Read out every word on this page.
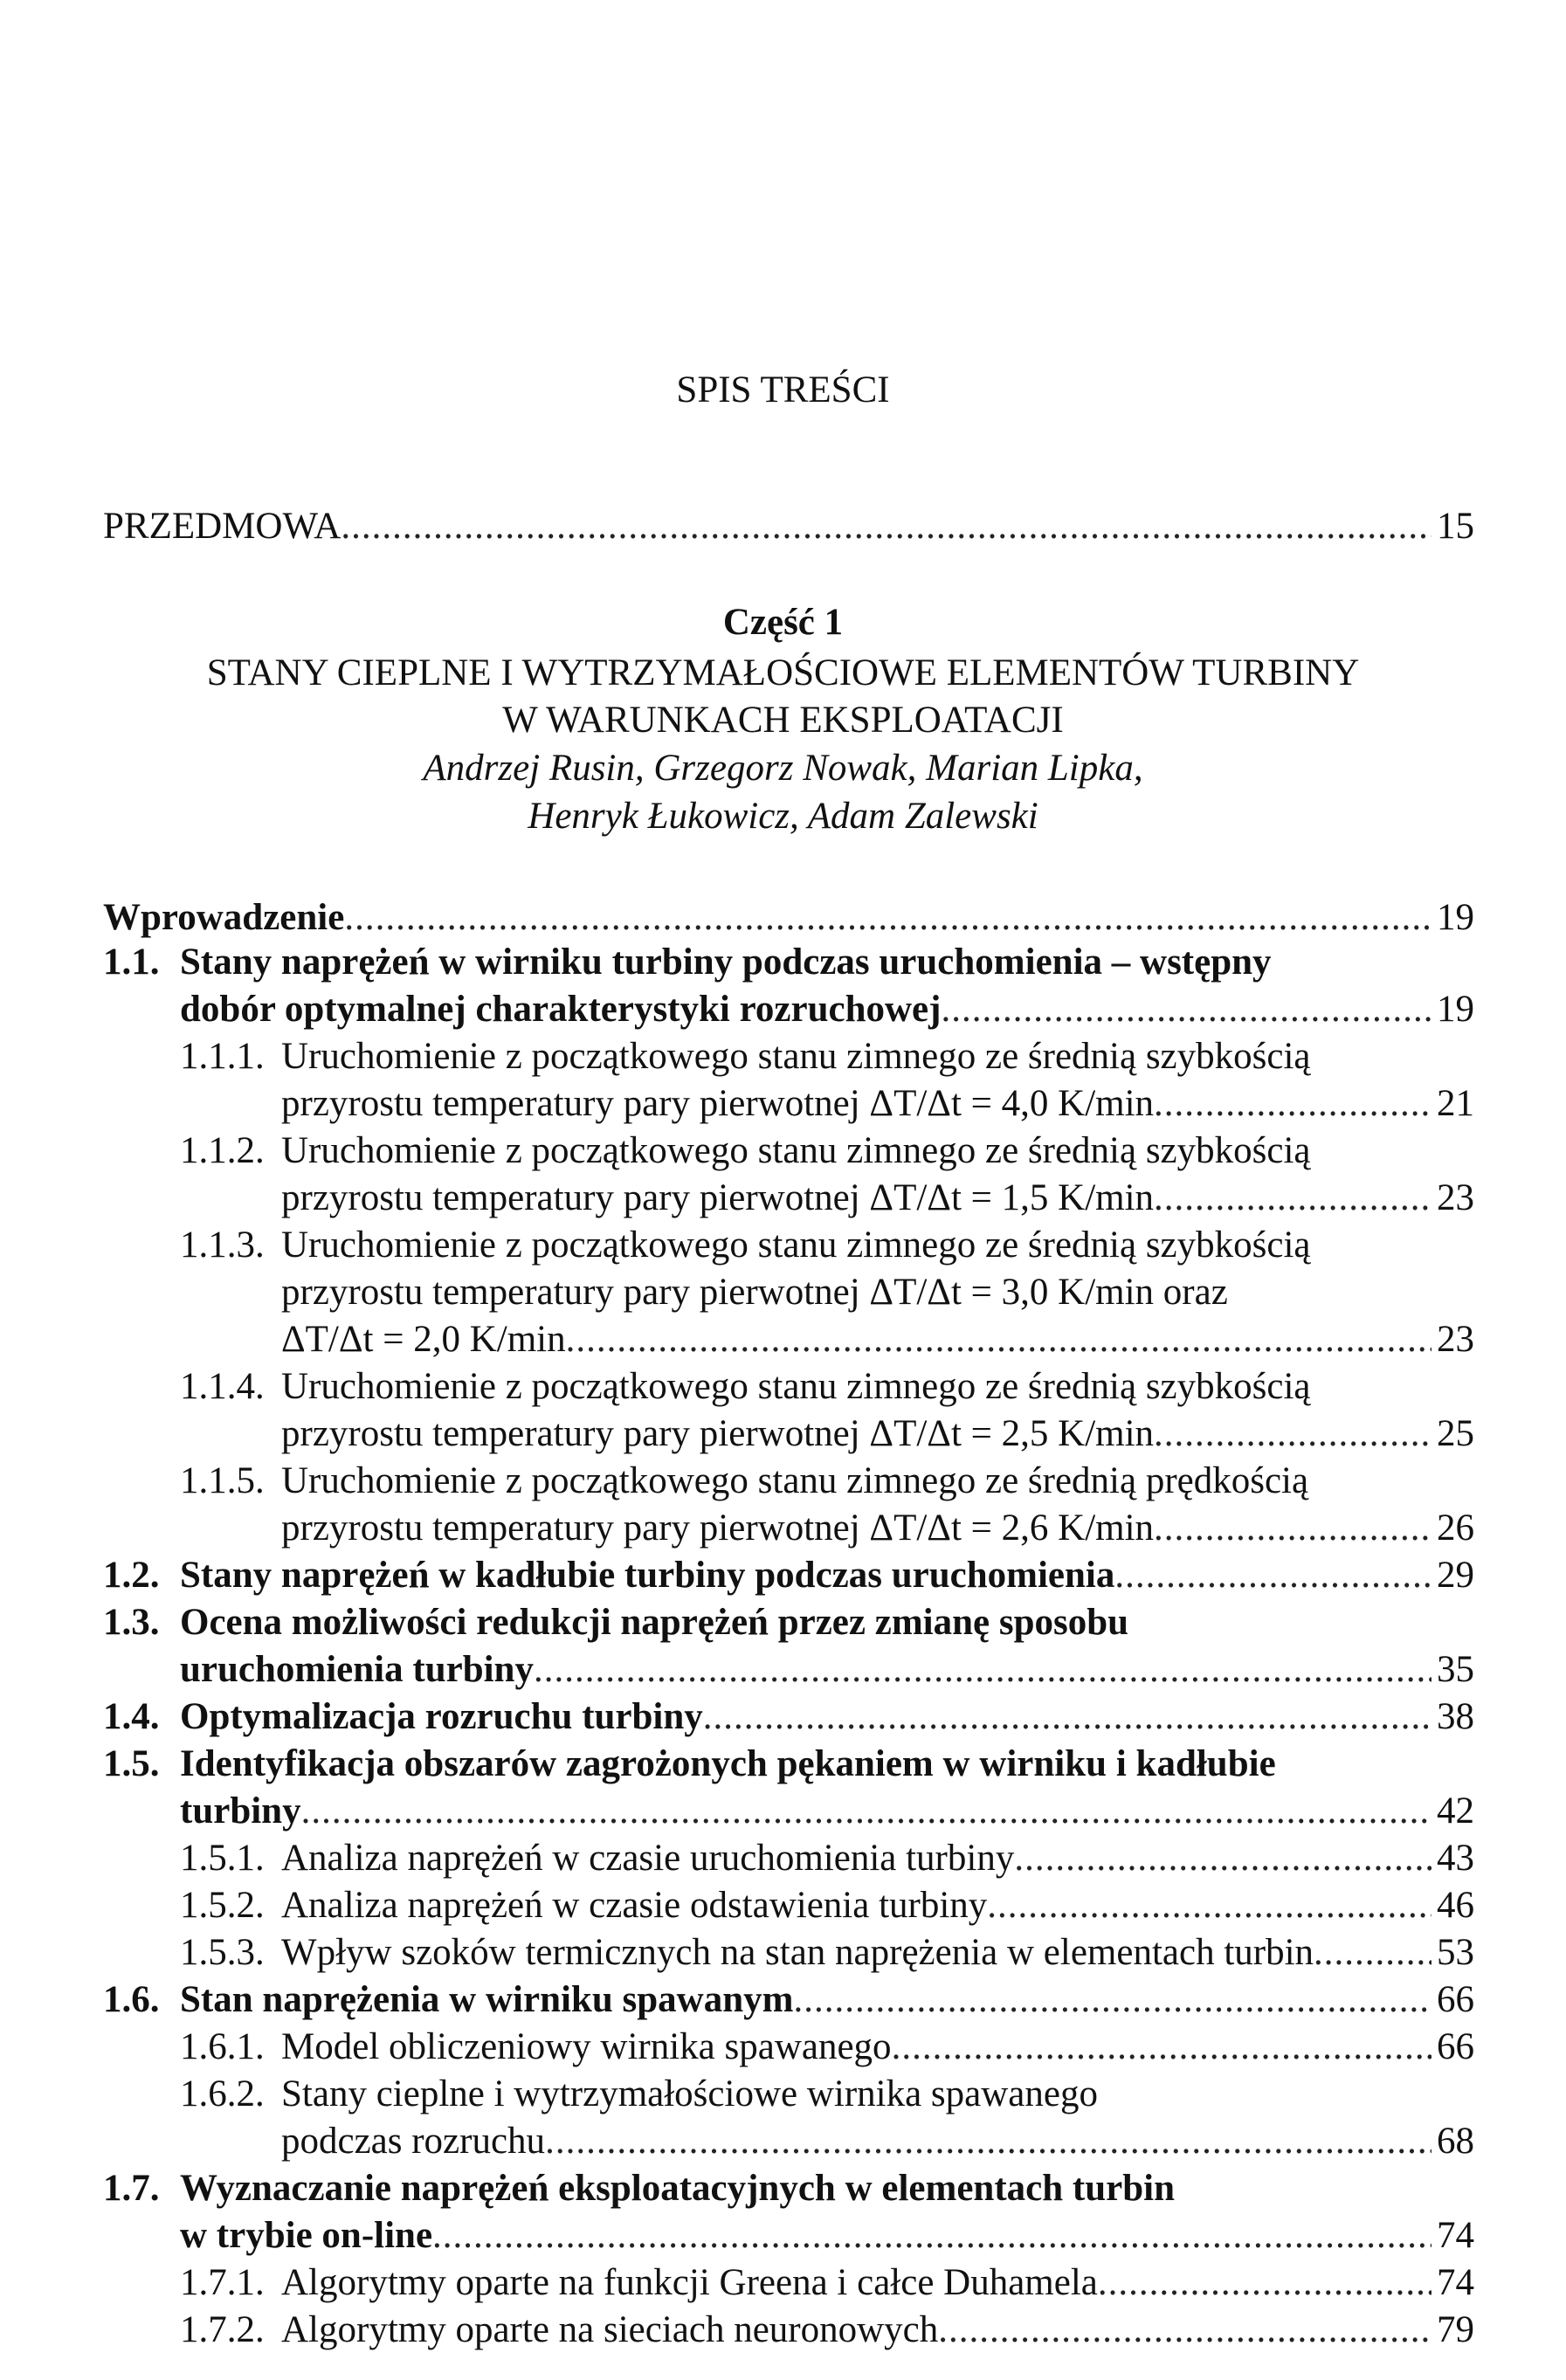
SPIS TREŚCI
PRZEDMOWA .....	15
Część 1
STANY CIEPLNE I WYTRZYMAŁOŚCIOWE ELEMENTÓW TURBINY
W WARUNKACH EKSPLOATACJI
Andrzej Rusin, Grzegorz Nowak, Marian Lipka,
Henryk Łukowicz, Adam Zalewski
Wprowadzenie .....	19
1.1. Stany naprężeń w wirniku turbiny podczas uruchomienia – wstępny
dobór optymalnej charakterystyki rozruchowej .....	19
1.1.1. Uruchomienie z początkowego stanu zimnego ze średnią szybkością
przyrostu temperatury pary pierwotnej ΔT/Δt = 4,0 K/min .....	21
1.1.2. Uruchomienie z początkowego stanu zimnego ze średnią szybkością
przyrostu temperatury pary pierwotnej ΔT/Δt = 1,5 K/min .....	23
1.1.3. Uruchomienie z początkowego stanu zimnego ze średnią szybkością
przyrostu temperatury pary pierwotnej ΔT/Δt = 3,0 K/min oraz
ΔT/Δt = 2,0 K/min .....	23
1.1.4. Uruchomienie z początkowego stanu zimnego ze średnią szybkością
przyrostu temperatury pary pierwotnej ΔT/Δt = 2,5 K/min .....	25
1.1.5. Uruchomienie z początkowego stanu zimnego ze średnią prędkością
przyrostu temperatury pary pierwotnej ΔT/Δt = 2,6 K/min .....	26
1.2. Stany naprężeń w kadłubie turbiny podczas uruchomienia .....	29
1.3. Ocena możliwości redukcji naprężeń przez zmianę sposobu
uruchomienia turbiny .....	35
1.4. Optymalizacja rozruchu turbiny .....	38
1.5. Identyfikacja obszarów zagrożonych pękaniem w wirniku i kadłubie
turbiny .....	42
1.5.1. Analiza naprężeń w czasie uruchomienia turbiny .....	43
1.5.2. Analiza naprężeń w czasie odstawienia turbiny .....	46
1.5.3. Wpływ szoków termicznych na stan naprężenia w elementach turbin .....	53
1.6. Stan naprężenia w wirniku spawanym .....	66
1.6.1. Model obliczeniowy wirnika spawanego .....	66
1.6.2. Stany cieplne i wytrzymałościowe wirnika spawanego
podczas rozruchu .....	68
1.7. Wyznaczanie naprężeń eksploatacyjnych w elementach turbin
w trybie on-line .....	74
1.7.1. Algorytmy oparte na funkcji Greena i całce Duhamela .....	74
1.7.2. Algorytmy oparte na sieciach neuronowych .....	79
